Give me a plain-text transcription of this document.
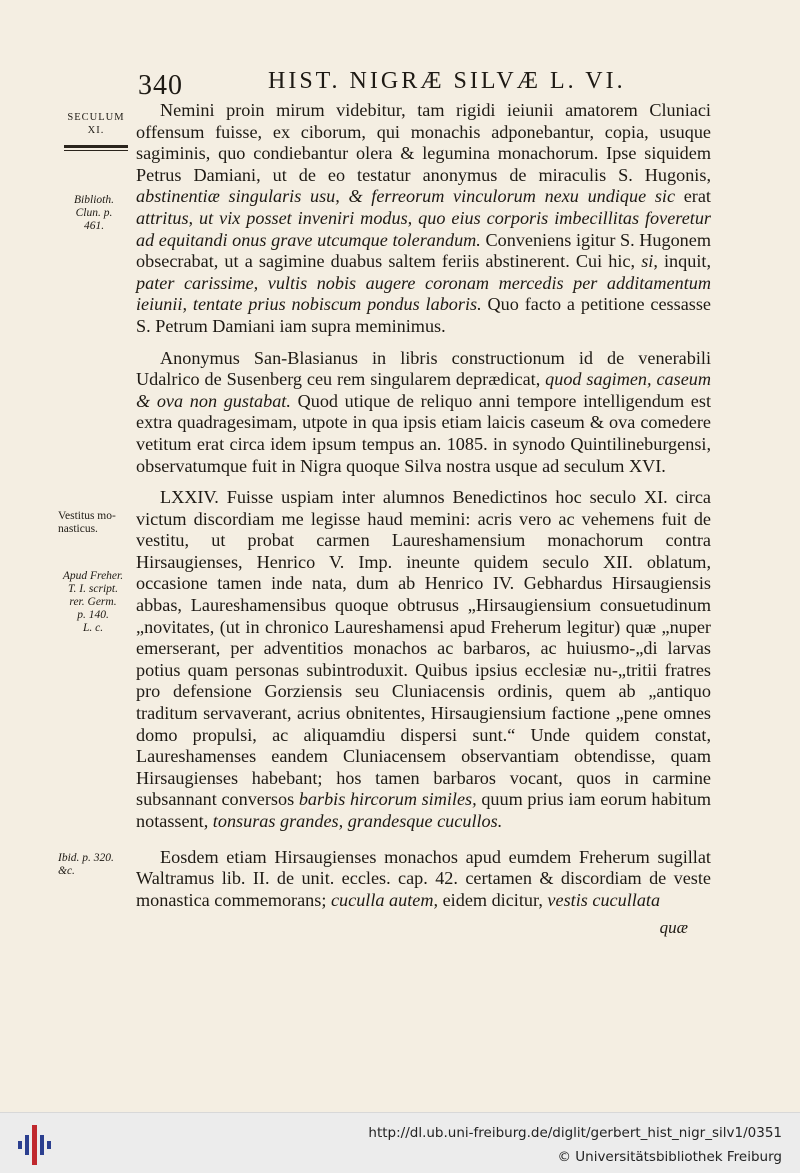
340	HIST. NIGRÆ SILVÆ L. VI.
SECULUM
XI.
Biblioth.
Clun. p.
461.
Vestitus mo-
nasticus.
Apud Freher.
T. I. script.
rer. Germ.
p. 140.
L. c.
Ibid. p. 320.
&c.

Nemini proin mirum videbitur, tam rigidi ieiunii amatorem Cluniaci offensum fuisse, ex ciborum, qui monachis adponebantur, copia, usuque sagiminis, quo condiebantur olera & legumina monachorum. Ipse siquidem Petrus Damiani, ut de eo testatur anonymus de miraculis S. Hugonis, abstinentiæ singularis usu, & ferreorum vinculorum nexu undique sic erat attritus, ut vix posset inveniri modus, quo eius corporis imbecillitas foveretur ad equitandi onus grave utcumque tolerandum. Conveniens igitur S. Hugonem obsecrabat, ut a sagimine duabus saltem feriis abstinerent. Cui hic, si, inquit, pater carissime, vultis nobis augere coronam mercedis per additamentum ieiunii, tentate prius nobiscum pondus laboris. Quo facto a petitione cessasse S. Petrum Damiani iam supra meminimus.

Anonymus San-Blasianus in libris constructionum id de venerabili Udalrico de Susenberg ceu rem singularem deprædicat, quod sagimen, caseum & ova non gustabat. Quod utique de reliquo anni tempore intelligendum est extra quadragesimam, utpote in qua ipsis etiam laicis caseum & ova comedere vetitum erat circa idem ipsum tempus an. 1085. in synodo Quintilineburgensi, observatumque fuit in Nigra quoque Silva nostra usque ad seculum XVI.

LXXIV. Fuisse uspiam inter alumnos Benedictinos hoc seculo XI. circa victum discordiam me legisse haud memini: acris vero ac vehemens fuit de vestitu, ut probat carmen Laureshamensium monachorum contra Hirsaugienses, Henrico V. Imp. ineunte quidem seculo XII. oblatum, occasione tamen inde nata, dum ab Henrico IV. Gebhardus Hirsaugiensis abbas, Laureshamensibus quoque obtrusus „Hirsaugiensium consuetudinum „novitates, (ut in chronico Laureshamensi apud Freherum legitur) quæ „nuper emerserant, per adventitios monachos ac barbaros, ac huiusmo-„di larvas potius quam personas subintroduxit. Quibus ipsius ecclesiæ nu-„tritii fratres pro defensione Gorziensis seu Cluniacensis ordinis, quem ab „antiquo traditum servaverant, acrius obnitentes, Hirsaugiensium factione „pene omnes domo propulsi, ac aliquamdiu dispersi sunt.“ Unde quidem constat, Laureshamenses eandem Cluniacensem observantiam obtendisse, quam Hirsaugienses habebant; hos tamen barbaros vocant, quos in carmine subsannant conversos barbis hircorum similes, quum prius iam eorum habitum notassent, tonsuras grandes, grandesque cucullos.

Eosdem etiam Hirsaugienses monachos apud eumdem Freherum sugillat Waltramus lib. II. de unit. eccles. cap. 42. certamen & discordiam de veste monastica commemorans; cuculla autem, eidem dicitur, vestis cucullata

quæ
http://dl.ub.uni-freiburg.de/diglit/gerbert_hist_nigr_silv1/0351
© Universitätsbibliothek Freiburg
